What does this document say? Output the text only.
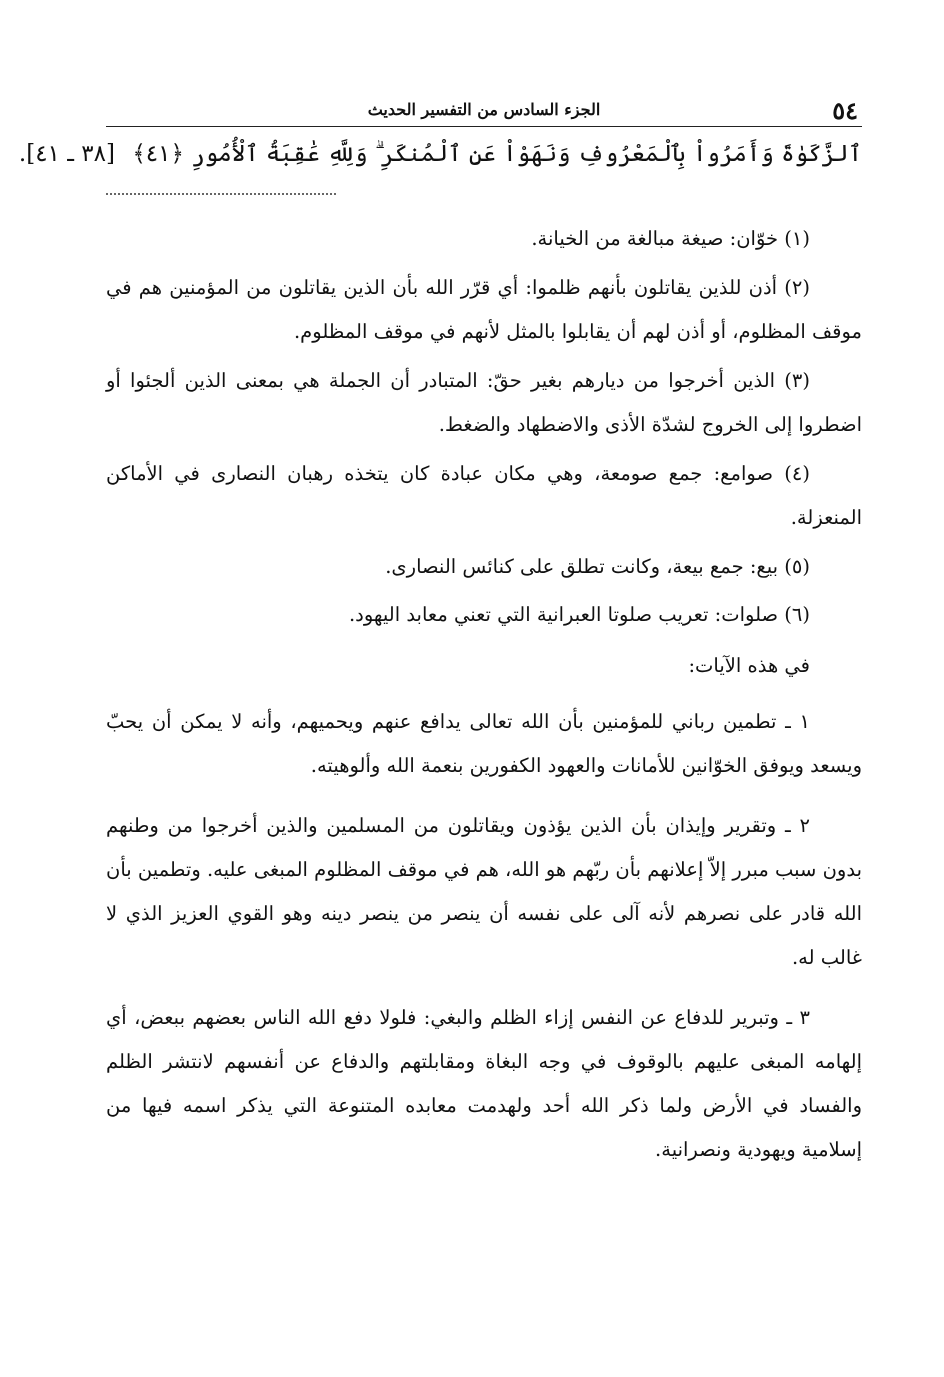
٥٤
الجزء السادس من التفسير الحديث
ٱلزَّكَوٰةَ وَأَمَرُواْ بِٱلْمَعْرُوفِ وَنَهَوْاْ عَنِ ٱلْمُنكَرِ ۗ وَلِلَّهِ عَٰقِبَةُ ٱلْأُمُورِ ﴿٤١﴾ [٣٨ ـ ٤١].

(١) خوّان: صيغة مبالغة من الخيانة.

(٢) أذن للذين يقاتلون بأنهم ظلموا: أي قرّر الله بأن الذين يقاتلون من المؤمنين هم في موقف المظلوم، أو أذن لهم أن يقابلوا بالمثل لأنهم في موقف المظلوم.

(٣) الذين أخرجوا من ديارهم بغير حقّ: المتبادر أن الجملة هي بمعنى الذين ألجئوا أو اضطروا إلى الخروج لشدّة الأذى والاضطهاد والضغط.

(٤) صوامع: جمع صومعة، وهي مكان عبادة كان يتخذه رهبان النصارى في الأماكن المنعزلة.

(٥) بيع: جمع بيعة، وكانت تطلق على كنائس النصارى.

(٦) صلوات: تعريب صلوتا العبرانية التي تعني معابد اليهود.

في هذه الآيات:

١ ـ تطمين رباني للمؤمنين بأن الله تعالى يدافع عنهم ويحميهم، وأنه لا يمكن أن يحبّ ويسعد ويوفق الخوّانين للأمانات والعهود الكفورين بنعمة الله وألوهيته.

٢ ـ وتقرير وإيذان بأن الذين يؤذون ويقاتلون من المسلمين والذين أخرجوا من وطنهم بدون سبب مبرر إلاّ إعلانهم بأن ربّهم هو الله، هم في موقف المظلوم المبغى عليه. وتطمين بأن الله قادر على نصرهم لأنه آلى على نفسه أن ينصر من ينصر دينه وهو القوي العزيز الذي لا غالب له.

٣ ـ وتبرير للدفاع عن النفس إزاء الظلم والبغي: فلولا دفع الله الناس بعضهم ببعض، أي إلهامه المبغى عليهم بالوقوف في وجه البغاة ومقابلتهم والدفاع عن أنفسهم لانتشر الظلم والفساد في الأرض ولما ذكر الله أحد ولهدمت معابده المتنوعة التي يذكر اسمه فيها من إسلامية ويهودية ونصرانية.
